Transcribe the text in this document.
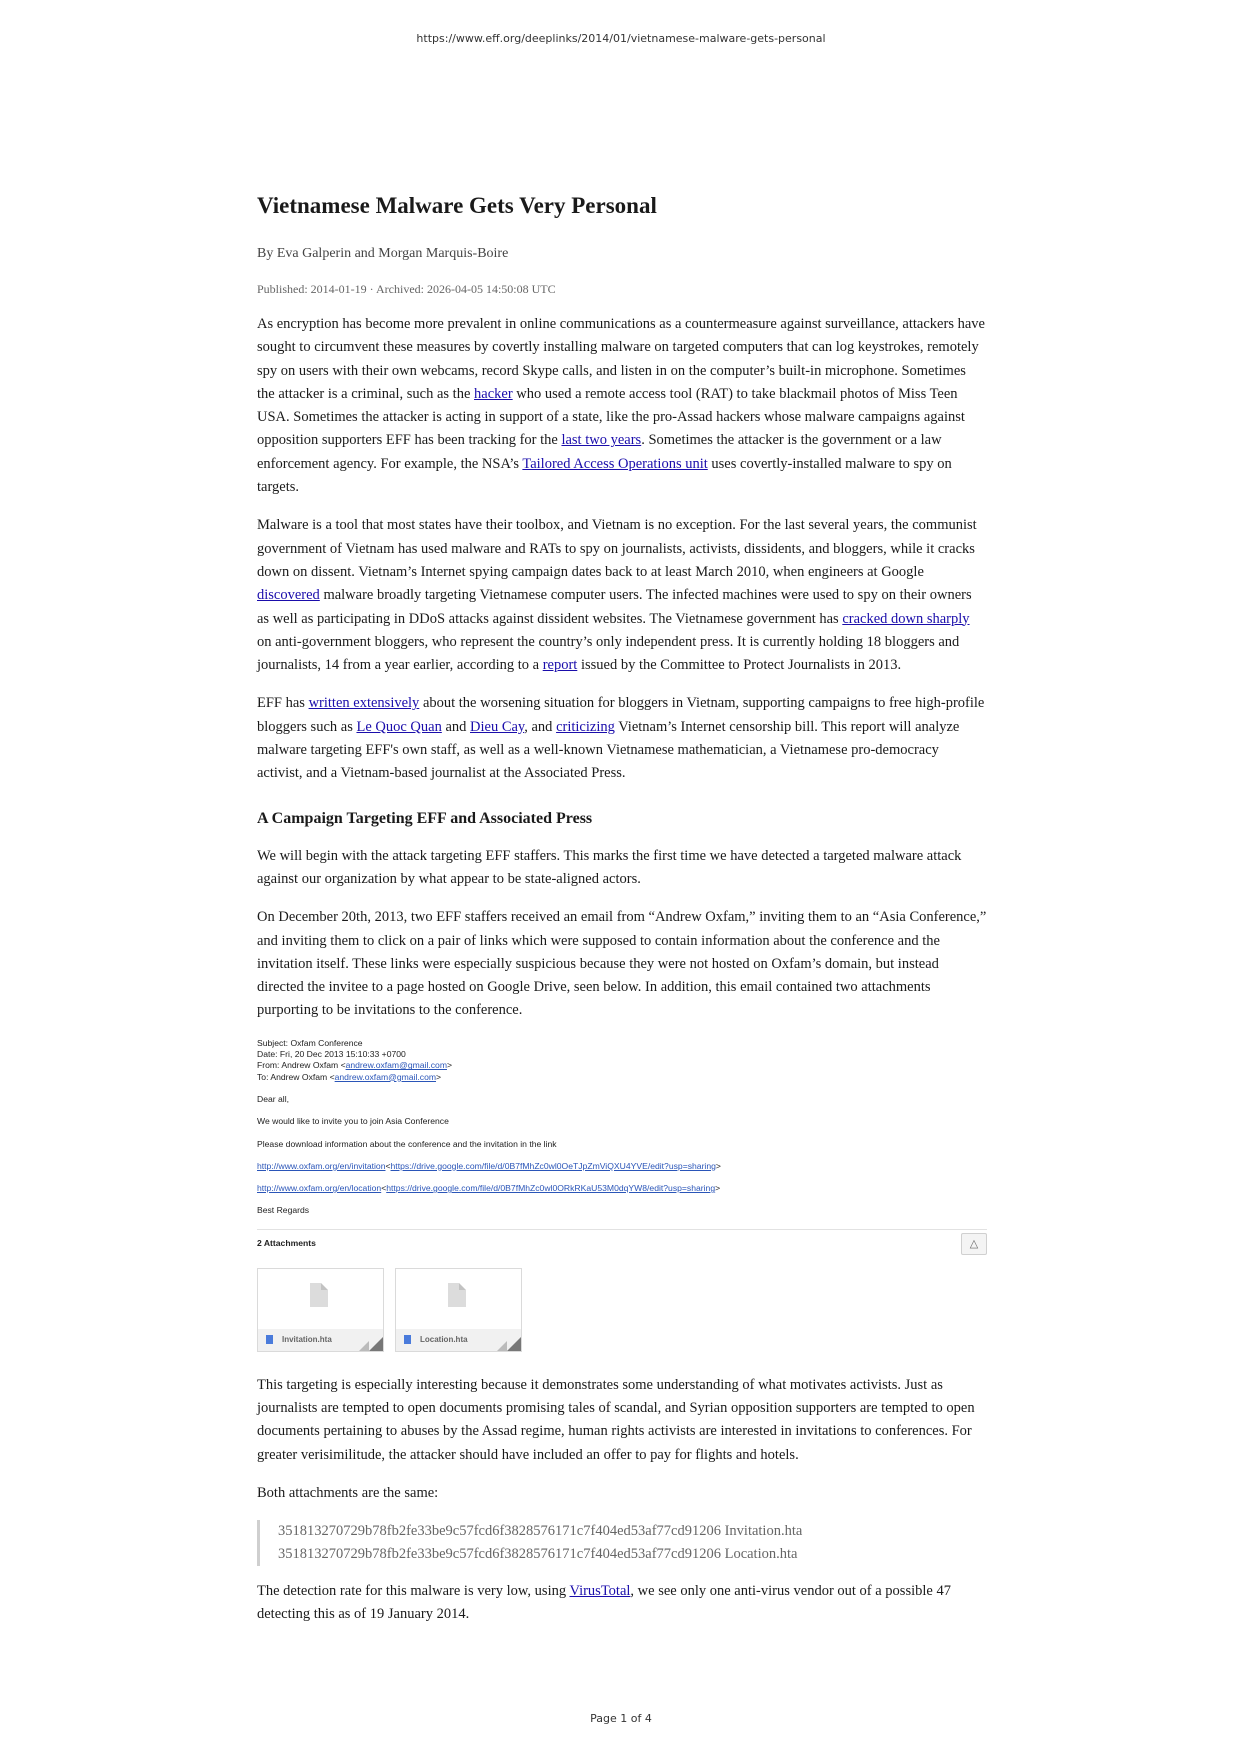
https://www.eff.org/deeplinks/2014/01/vietnamese-malware-gets-personal
Vietnamese Malware Gets Very Personal
By Eva Galperin and Morgan Marquis-Boire
Published: 2014-01-19 · Archived: 2026-04-05 14:50:08 UTC

As encryption has become more prevalent in online communications as a countermeasure against surveillance, attackers have sought to circumvent these measures by covertly installing malware on targeted computers that can log keystrokes, remotely spy on users with their own webcams, record Skype calls, and listen in on the computer’s built-in microphone. Sometimes the attacker is a criminal, such as the hacker who used a remote access tool (RAT) to take blackmail photos of Miss Teen USA. Sometimes the attacker is acting in support of a state, like the pro-Assad hackers whose malware campaigns against opposition supporters EFF has been tracking for the last two years. Sometimes the attacker is the government or a law enforcement agency. For example, the NSA’s Tailored Access Operations unit uses covertly-installed malware to spy on targets.

Malware is a tool that most states have their toolbox, and Vietnam is no exception. For the last several years, the communist government of Vietnam has used malware and RATs to spy on journalists, activists, dissidents, and bloggers, while it cracks down on dissent. Vietnam’s Internet spying campaign dates back to at least March 2010, when engineers at Google discovered malware broadly targeting Vietnamese computer users. The infected machines were used to spy on their owners as well as participating in DDoS attacks against dissident websites. The Vietnamese government has cracked down sharply on anti-government bloggers, who represent the country’s only independent press. It is currently holding 18 bloggers and journalists, 14 from a year earlier, according to a report issued by the Committee to Protect Journalists in 2013.

EFF has written extensively about the worsening situation for bloggers in Vietnam, supporting campaigns to free high-profile bloggers such as Le Quoc Quan and Dieu Cay, and criticizing Vietnam’s Internet censorship bill. This report will analyze malware targeting EFF's own staff, as well as a well-known Vietnamese mathematician, a Vietnamese pro-democracy activist, and a Vietnam-based journalist at the Associated Press.

A Campaign Targeting EFF and Associated Press

We will begin with the attack targeting EFF staffers. This marks the first time we have detected a targeted malware attack against our organization by what appear to be state-aligned actors.

On December 20th, 2013, two EFF staffers received an email from “Andrew Oxfam,” inviting them to an “Asia Conference,” and inviting them to click on a pair of links which were supposed to contain information about the conference and the invitation itself. These links were especially suspicious because they were not hosted on Oxfam’s domain, but instead directed the invitee to a page hosted on Google Drive, seen below. In addition, this email contained two attachments purporting to be invitations to the conference.

Subject: Oxfam Conference
Date: Fri, 20 Dec 2013 15:10:33 +0700
From: Andrew Oxfam <andrew.oxfam@gmail.com>
To: Andrew Oxfam <andrew.oxfam@gmail.com>
Dear all,
We would like to invite you to join Asia Conference
Please download information about the conference and the invitation in the link
http://www.oxfam.org/en/invitation<https://drive.google.com/file/d/0B7fMhZc0wl0OeTJpZmViQXU4YVE/edit?usp=sharing>
http://www.oxfam.org/en/location<https://drive.google.com/file/d/0B7fMhZc0wl0ORkRKaU53M0dqYW8/edit?usp=sharing>
Best Regards
2 Attachments	△
Invitation.hta	Location.hta

This targeting is especially interesting because it demonstrates some understanding of what motivates activists. Just as journalists are tempted to open documents promising tales of scandal, and Syrian opposition supporters are tempted to open documents pertaining to abuses by the Assad regime, human rights activists are interested in invitations to conferences. For greater verisimilitude, the attacker should have included an offer to pay for flights and hotels.

Both attachments are the same:

351813270729b78fb2fe33be9c57fcd6f3828576171c7f404ed53af77cd91206 Invitation.hta
351813270729b78fb2fe33be9c57fcd6f3828576171c7f404ed53af77cd91206 Location.hta

The detection rate for this malware is very low, using VirusTotal, we see only one anti-virus vendor out of a possible 47 detecting this as of 19 January 2014.

Page 1 of 4
